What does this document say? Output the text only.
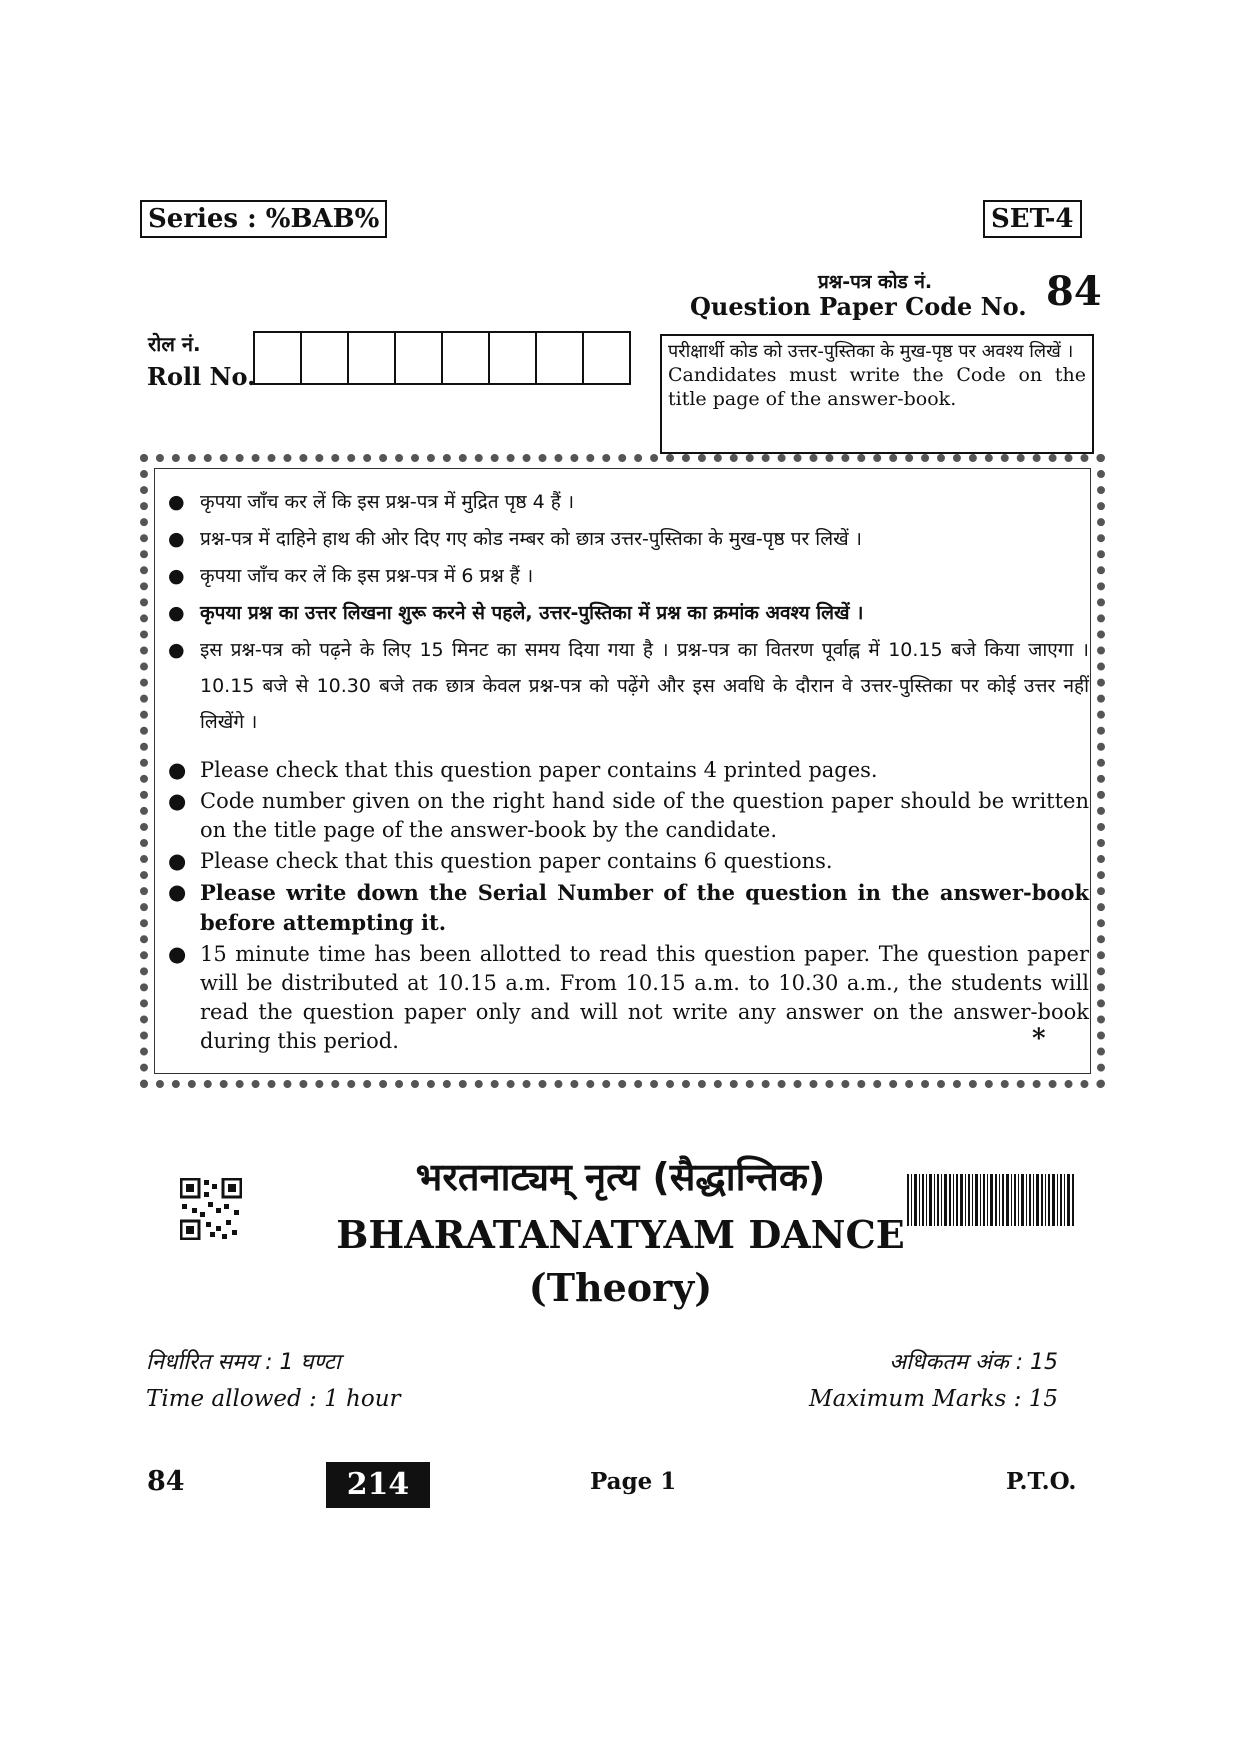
Series : %BAB%	SET-4
प्रश्न-पत्र कोड नं.
Question Paper Code No. 84
रोल नं.
Roll No.
परीक्षार्थी कोड को उत्तर-पुस्तिका के मुख-पृष्ठ पर अवश्य लिखें ।
Candidates must write the Code on the title page of the answer-book.
● कृपया जाँच कर लें कि इस प्रश्न-पत्र में मुद्रित पृष्ठ 4 हैं ।
● प्रश्न-पत्र में दाहिने हाथ की ओर दिए गए कोड नम्बर को छात्र उत्तर-पुस्तिका के मुख-पृष्ठ पर लिखें ।
● कृपया जाँच कर लें कि इस प्रश्न-पत्र में 6 प्रश्न हैं ।
● कृपया प्रश्न का उत्तर लिखना शुरू करने से पहले, उत्तर-पुस्तिका में प्रश्न का क्रमांक अवश्य लिखें ।
● इस प्रश्न-पत्र को पढ़ने के लिए 15 मिनट का समय दिया गया है । प्रश्न-पत्र का वितरण पूर्वाह्न में 10.15 बजे किया जाएगा । 10.15 बजे से 10.30 बजे तक छात्र केवल प्रश्न-पत्र को पढ़ेंगे और इस अवधि के दौरान वे उत्तर-पुस्तिका पर कोई उत्तर नहीं लिखेंगे ।
● Please check that this question paper contains 4 printed pages.
● Code number given on the right hand side of the question paper should be written on the title page of the answer-book by the candidate.
● Please check that this question paper contains 6 questions.
● Please write down the Serial Number of the question in the answer-book before attempting it.
● 15 minute time has been allotted to read this question paper. The question paper will be distributed at 10.15 a.m. From 10.15 a.m. to 10.30 a.m., the students will read the question paper only and will not write any answer on the answer-book during this period.	*
भरतनाट्यम् नृत्य (सैद्धान्तिक)
BHARATANATYAM DANCE
(Theory)
निर्धारित समय : 1 घण्टा
Time allowed : 1 hour
अधिकतम अंक : 15
Maximum Marks : 15
84	214	Page 1	P.T.O.
